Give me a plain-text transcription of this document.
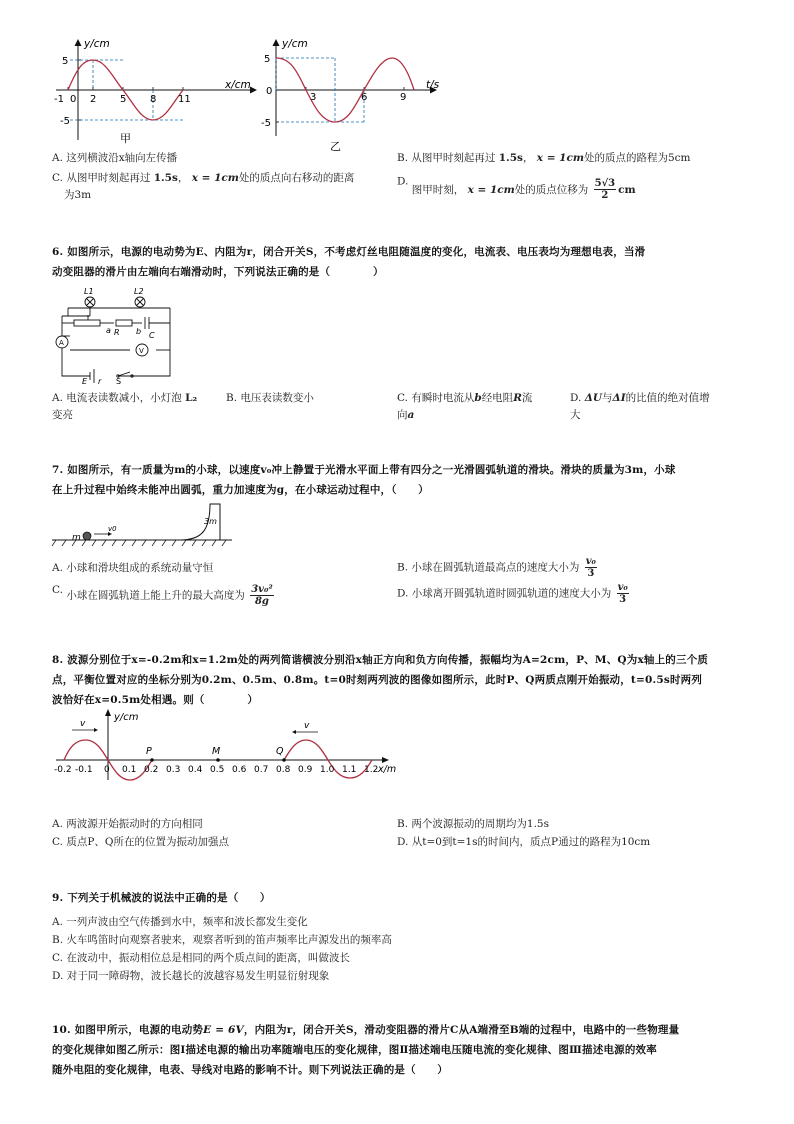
y/cm
x/cm
-1 0 2 5 8 11
5
-5
甲
y/cm
t/s
0
3	6	9
5
-5
乙
A. 这列横波沿x轴向左传播	B. 从图甲时刻起再过 1.5s， x = 1cm处的质点的路程为5cm
C. 从图甲时刻起再过 1.5s， x = 1cm处的质点向右移动的距离
为3m
D. 图甲时刻， x = 1cm处的质点位移为 $\frac{5√3}{2}$ cm
6. 如图所示，电源的电动势为E、内阻为r，闭合开关S，不考虑灯丝电阻随温度的变化，电流表、电压表均为理想电表，当滑
动变阻器的滑片由左端向右端滑动时，下列说法正确的是（　　　　）
L1	L2
a R b C
A
V
E r S
A. 电流表读数减小，小灯泡 L₂
变亮
B. 电压表读数变小	C. 有瞬时电流从b经电阻R流
向a
D. ΔU与ΔI的比值的绝对值增
大
7. 如图所示，有一质量为m的小球，以速度v₀冲上静置于光滑水平面上带有四分之一光滑圆弧轨道的滑块。滑块的质量为3m，小球
在上升过程中始终未能冲出圆弧，重力加速度为g，在小球运动过程中，（　　）
m
v0
3m
A. 小球和滑块组成的系统动量守恒	B. 小球在圆弧轨道最高点的速度大小为 $\frac{\text{v₀}}{3}$
C. 小球在圆弧轨道上能上升的最大高度为 $\frac{\text{3v₀²}}{8g}$	D. 小球离开圆弧轨道时圆弧轨道的速度大小为 $\frac{\text{v₀}}{3}$
8. 波源分别位于x=-0.2m和x=1.2m处的两列简谐横波分别沿x轴正方向和负方向传播，振幅均为A=2cm，P、M、Q为x轴上的三个质
点，平衡位置对应的坐标分别为0.2m、0.5m、0.8m。t=0时刻两列波的图像如图所示，此时P、Q两质点刚开始振动，t=0.5s时两列
波恰好在x=0.5m处相遇。则（　　　　）
v	v
P	M	Q
y/cm
x/m
-0.2 -0.1 0 0.1 0.2 0.3 0.4 0.5 0.6 0.7 0.8 0.9 1.0 1.1 1.2
A. 两波源开始振动时的方向相同	B. 两个波源振动的周期均为1.5s
C. 质点P、Q所在的位置为振动加强点	D. 从t=0到t=1s的时间内，质点P通过的路程为10cm
9. 下列关于机械波的说法中正确的是（　　）
A. 一列声波由空气传播到水中，频率和波长都发生变化
B. 火车鸣笛时向观察者驶来，观察者听到的笛声频率比声源发出的频率高
C. 在波动中，振动相位总是相同的两个质点间的距离，叫做波长
D. 对于同一障碍物，波长越长的波越容易发生明显衍射现象
10. 如图甲所示，电源的电动势E = 6V，内阻为r，闭合开关S，滑动变阻器的滑片C从A端滑至B端的过程中，电路中的一些物理量
的变化规律如图乙所示：图Ⅰ描述电源的输出功率随端电压的变化规律，图Ⅱ描述端电压随电流的变化规律、图Ⅲ描述电源的效率
随外电阻的变化规律，电表、导线对电路的影响不计。则下列说法正确的是（　　）
